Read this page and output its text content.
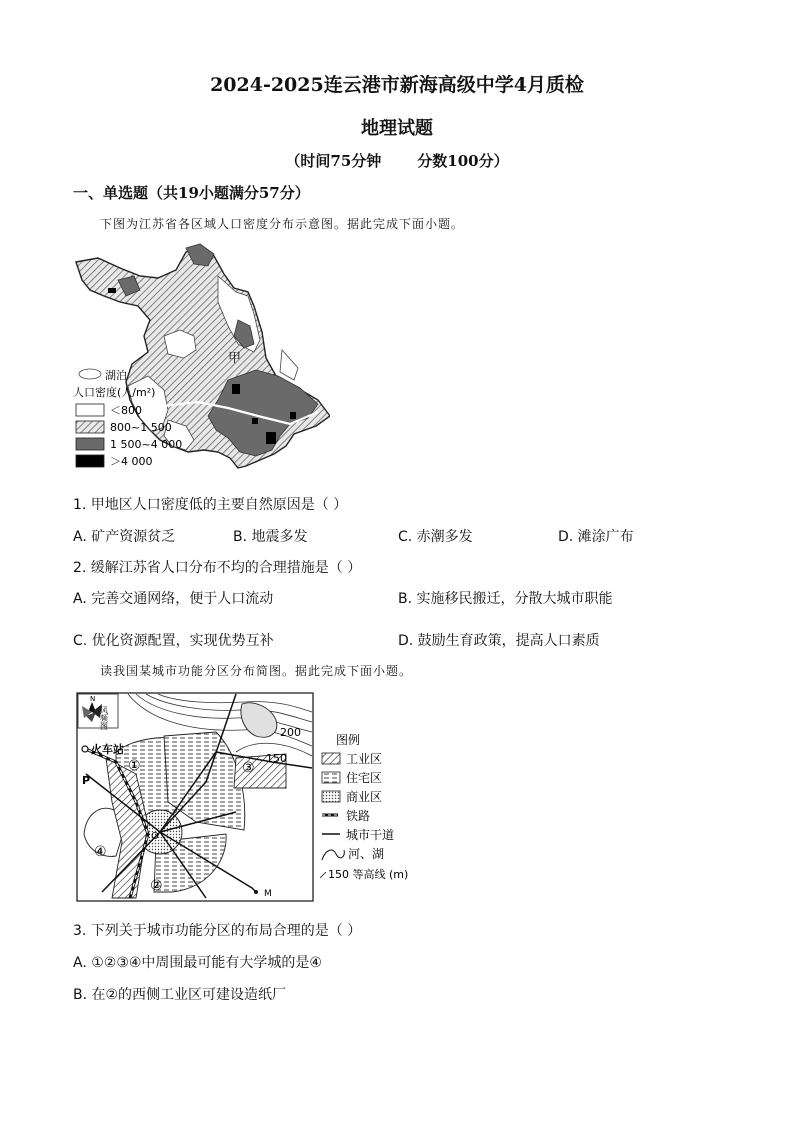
2024-2025连云港市新海高级中学4月质检
地理试题
（时间75分钟 分数100分）
一、单选题（共19小题满分57分）
下图为江苏省各区域人口密度分布示意图。据此完成下面小题。
甲
湖泊
人口密度(人/m²)
＜800
800~1 500
1 500~4 000
＞4 000
1. 甲地区人口密度低的主要自然原因是（ ）
A. 矿产资源贫乏	B. 地震多发	C. 赤潮多发	D. 滩涂广布
2. 缓解江苏省人口分布不均的合理措施是（ ）
A. 完善交通网络，便于人口流动	B. 实施移民搬迁，分散大城市职能
C. 优化资源配置，实现优势互补	D. 鼓励生育政策，提高人口素质
读我国某城市功能分区分布简图。据此完成下面小题。
N
风频图
火车站
200
150
①
②
③
④
P
O
M
图例
工业区
住宅区
商业区
铁路
城市干道
河、湖
150 等高线 (m)
3. 下列关于城市功能分区的布局合理的是（ ）
A. ①②③④中周围最可能有大学城的是④
B. 在②的西侧工业区可建设造纸厂
